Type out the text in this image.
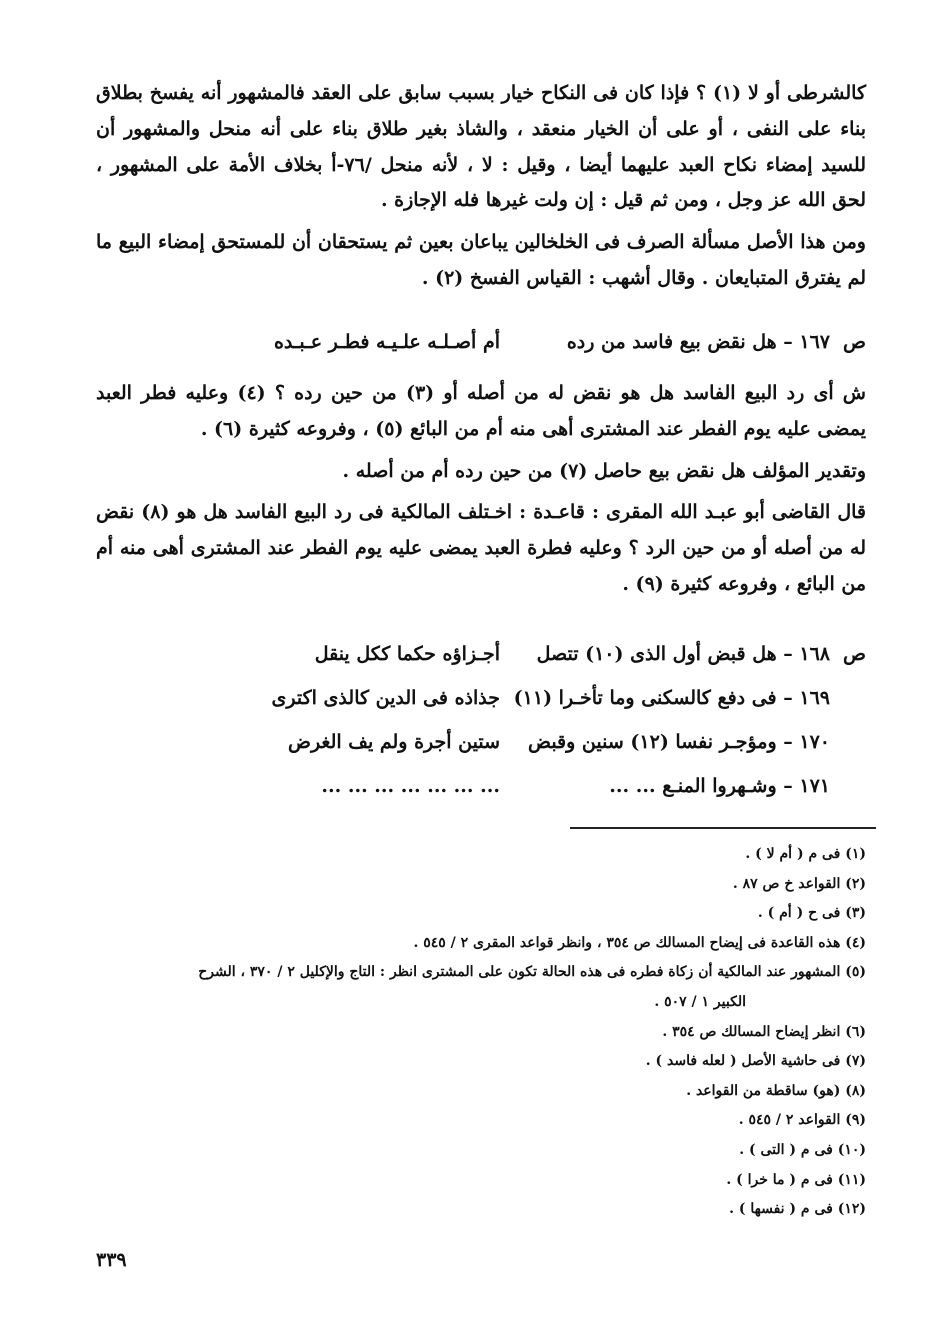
كالشرطى أو لا (١) ؟ فإذا كان فى النكاح خيار بسبب سابق على العقد فالمشهور أنه يفسخ بطلاق بناء على النفى ، أو على أن الخيار منعقد ، والشاذ بغير طلاق بناء على أنه منحل والمشهور أن للسيد إمضاء نكاح العبد عليهما أيضا ، وقيل : لا ، لأنه منحل /٧٦-أ بخلاف الأمة على المشهور ، لحق الله عز وجل ، ومن ثم قيل : إن ولت غيرها فله الإجازة .

ومن هذا الأصل مسألة الصرف فى الخلخالين يباعان بعين ثم يستحقان أن للمستحق إمضاء البيع ما لم يفترق المتبايعان . وقال أشهب : القياس الفسخ (٢) .

ص
١٦٧ – هل نقض بيع فاسد من رده
أم أصـلـه علـيـه فطـر عـبـده

ش أى رد البيع الفاسد هل هو نقض له من أصله أو (٣) من حين رده ؟ (٤) وعليه فطر العبد يمضى عليه يوم الفطر عند المشترى أهى منه أم من البائع (٥) ، وفروعه كثيرة (٦) .

وتقدير المؤلف هل نقض بيع حاصل (٧) من حين رده أم من أصله .

قال القاضى أبو عبـد الله المقرى : قاعـدة : اخـتلف المالكية فى رد البيع الفاسد هل هو (٨) نقض له من أصله أو من حين الرد ؟ وعليه فطرة العبد يمضى عليه يوم الفطر عند المشترى أهى منه أم من البائع ، وفروعه كثيرة (٩) .

ص
١٦٨ – هل قبض أول الذى (١٠) تتصل
أجـزاؤه حكما ككل ينقل
١٦٩ – فى دفع كالسكنى وما تأخـرا (١١)
جذاذه فى الدين كالذى اكترى
١٧٠ – ومؤجـر نفسا (١٢) سنين وقبض
ستين أجرة ولم يف الغرض
١٧١ – وشـهروا المنـع ... ...
... ... ... ... ... ... ...

(١) فى م ( أم لا ) .

(٢) القواعد خ ص ٨٧ .

(٣) فى ح ( أم ) .

(٤) هذه القاعدة فى إيضاح المسالك ص ٣٥٤ ، وانظر قواعد المقرى ٢ / ٥٤٥ .

(٥) المشهور عند المالكية أن زكاة فطره فى هذه الحالة تكون على المشترى انظر : التاج والإكليل ٢ / ٣٧٠ ، الشرح

الكبير ١ / ٥٠٧ .

(٦) انظر إيضاح المسالك ص ٣٥٤ .

(٧) فى حاشية الأصل ( لعله فاسد ) .

(٨) (هو) ساقطة من القواعد .

(٩) القواعد ٢ / ٥٤٥ .

(١٠) فى م ( التى ) .

(١١) فى م ( ما خرا ) .

(١٢) فى م ( نفسها ) .

٣٣٩
